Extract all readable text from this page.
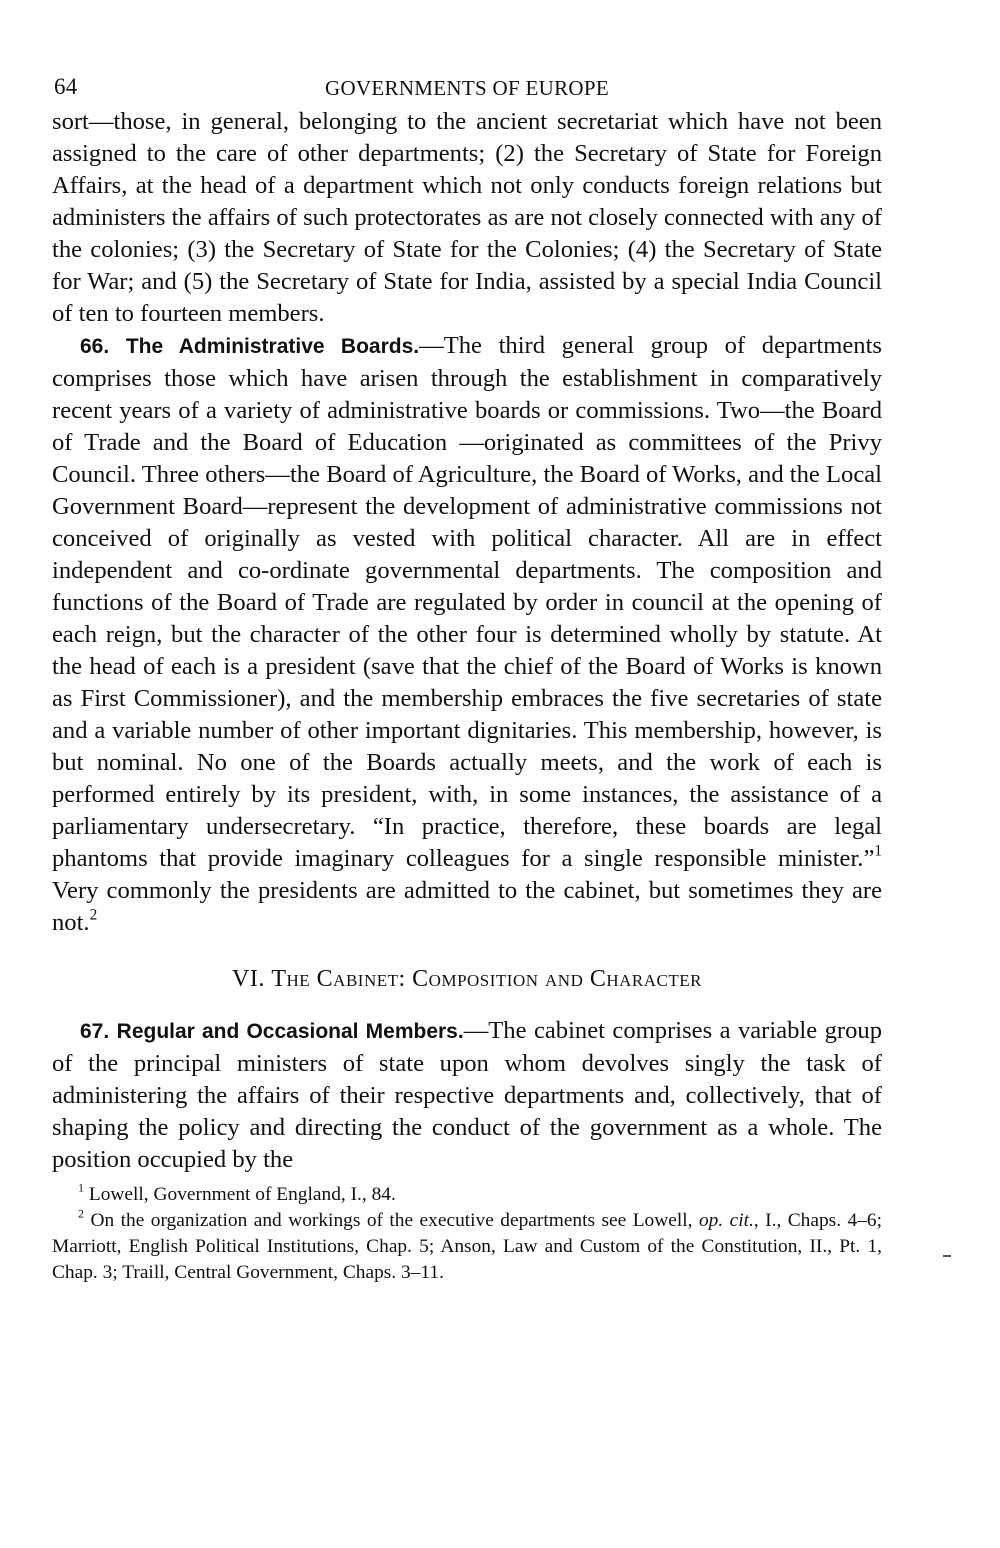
64	GOVERNMENTS OF EUROPE

sort—those, in general, belonging to the ancient secretariat which have not been assigned to the care of other departments; (2) the Secretary of State for Foreign Affairs, at the head of a department which not only conducts foreign relations but administers the affairs of such protectorates as are not closely connected with any of the colonies; (3) the Secretary of State for the Colonies; (4) the Secretary of State for War; and (5) the Secretary of State for India, assisted by a special India Council of ten to fourteen members.

66. The Administrative Boards.—The third general group of departments comprises those which have arisen through the establishment in comparatively recent years of a variety of administrative boards or commissions. Two—the Board of Trade and the Board of Education —originated as committees of the Privy Council. Three others—the Board of Agriculture, the Board of Works, and the Local Government Board—represent the development of administrative commissions not conceived of originally as vested with political character. All are in effect independent and co-ordinate governmental departments. The composition and functions of the Board of Trade are regulated by order in council at the opening of each reign, but the character of the other four is determined wholly by statute. At the head of each is a president (save that the chief of the Board of Works is known as First Commissioner), and the membership embraces the five secretaries of state and a variable number of other important dignitaries. This membership, however, is but nominal. No one of the Boards actually meets, and the work of each is performed entirely by its president, with, in some instances, the assistance of a parliamentary undersecretary. “In practice, therefore, these boards are legal phantoms that provide imaginary colleagues for a single responsible minister.”$^1$ Very commonly the presidents are admitted to the cabinet, but sometimes they are not.$^2$

VI. The Cabinet: Composition and Character

67. Regular and Occasional Members.—The cabinet comprises a variable group of the principal ministers of state upon whom devolves singly the task of administering the affairs of their respective departments and, collectively, that of shaping the policy and directing the conduct of the government as a whole. The position occupied by the

$^1$ Lowell, Government of England, I., 84.

$^2$ On the organization and workings of the executive departments see Lowell, op. cit., I., Chaps. 4–6; Marriott, English Political Institutions, Chap. 5; Anson, Law and Custom of the Constitution, II., Pt. 1, Chap. 3; Traill, Central Government, Chaps. 3–11.
